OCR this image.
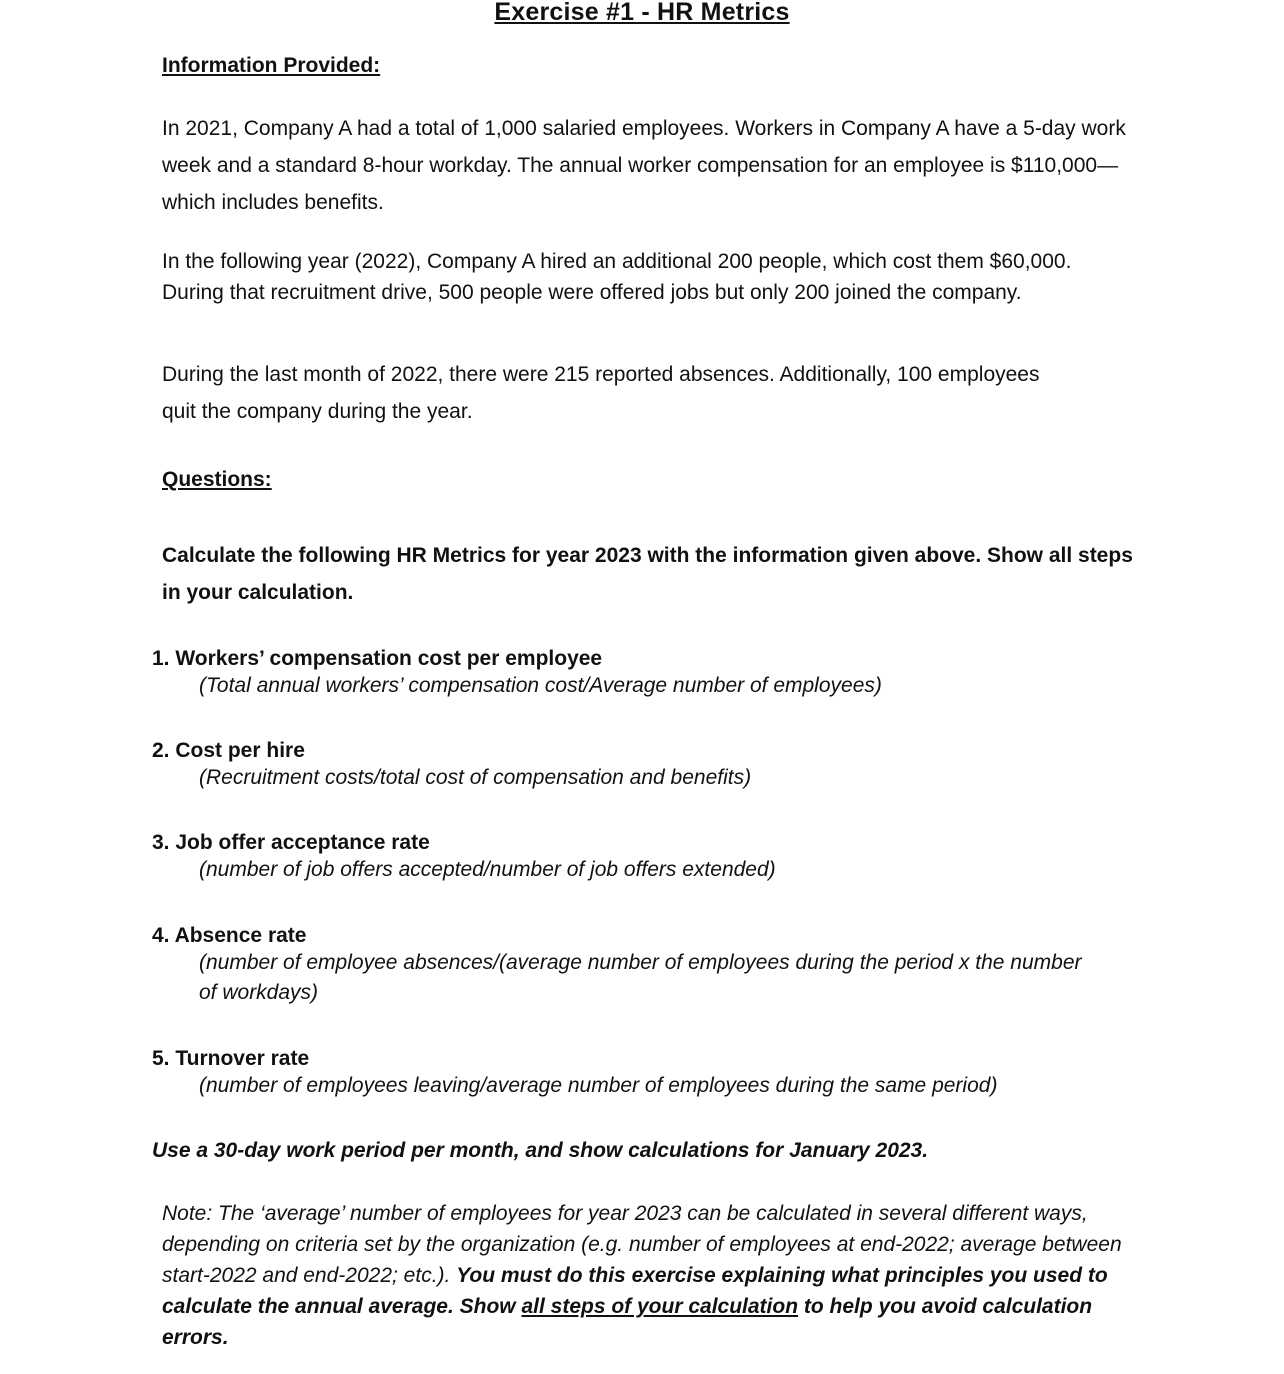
Exercise #1 - HR Metrics
Information Provided:

In 2021, Company A had a total of 1,000 salaried employees. Workers in Company A have a 5-day work week and a standard 8-hour workday. The annual worker compensation for an employee is $110,000—which includes benefits.

In the following year (2022), Company A hired an additional 200 people, which cost them $60,000. During that recruitment drive, 500 people were offered jobs but only 200 joined the company.

During the last month of 2022, there were 215 reported absences. Additionally, 100 employees quit the company during the year.

Questions:

Calculate the following HR Metrics for year 2023 with the information given above. Show all steps in your calculation.

1. Workers’ compensation cost per employee
(Total annual workers’ compensation cost/Average number of employees)
2. Cost per hire
(Recruitment costs/total cost of compensation and benefits)
3. Job offer acceptance rate
(number of job offers accepted/number of job offers extended)
4. Absence rate
(number of employee absences/(average number of employees during the period x the number of workdays)
5. Turnover rate
(number of employees leaving/average number of employees during the same period)

Use a 30-day work period per month, and show calculations for January 2023.

Note: The ‘average’ number of employees for year 2023 can be calculated in several different ways, depending on criteria set by the organization (e.g. number of employees at end-2022; average between start-2022 and end-2022; etc.). You must do this exercise explaining what principles you used to calculate the annual average. Show all steps of your calculation to help you avoid calculation errors.
